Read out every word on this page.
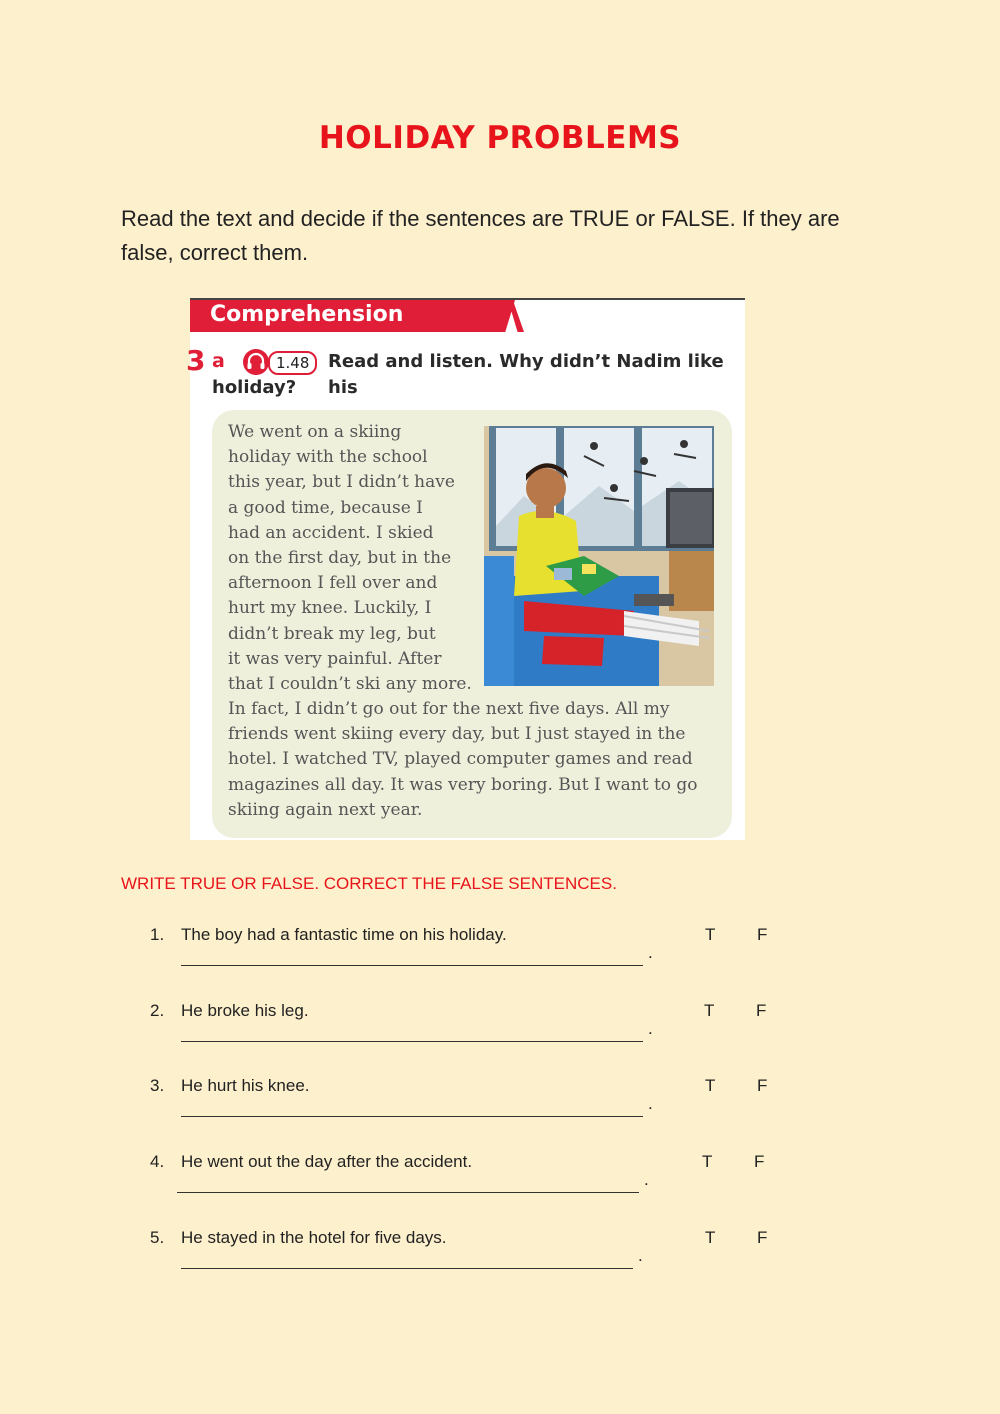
HOLIDAY PROBLEMS
Read the text and decide if the sentences are TRUE or FALSE. If they are false, correct them.
Comprehension
3 a	1.48	Read and listen. Why didn’t Nadim like his
holiday?
We went on a skiing
holiday with the school
this year, but I didn’t have
a good time, because I
had an accident. I skied
on the first day, but in the
afternoon I fell over and
hurt my knee. Luckily, I
didn’t break my leg, but
it was very painful. After
that I couldn’t ski any more.
In fact, I didn’t go out for the next five days. All my
friends went skiing every day, but I just stayed in the
hotel. I watched TV, played computer games and read
magazines all day. It was very boring. But I want to go
skiing again next year.
WRITE TRUE OR FALSE. CORRECT THE FALSE SENTENCES.
1. The boy had a fantastic time on his holiday.	T F
.
2. He broke his leg.	T F
.
3. He hurt his knee.	T F
.
4. He went out the day after the accident.	T F
.
5. He stayed in the hotel for five days.	T F
.
